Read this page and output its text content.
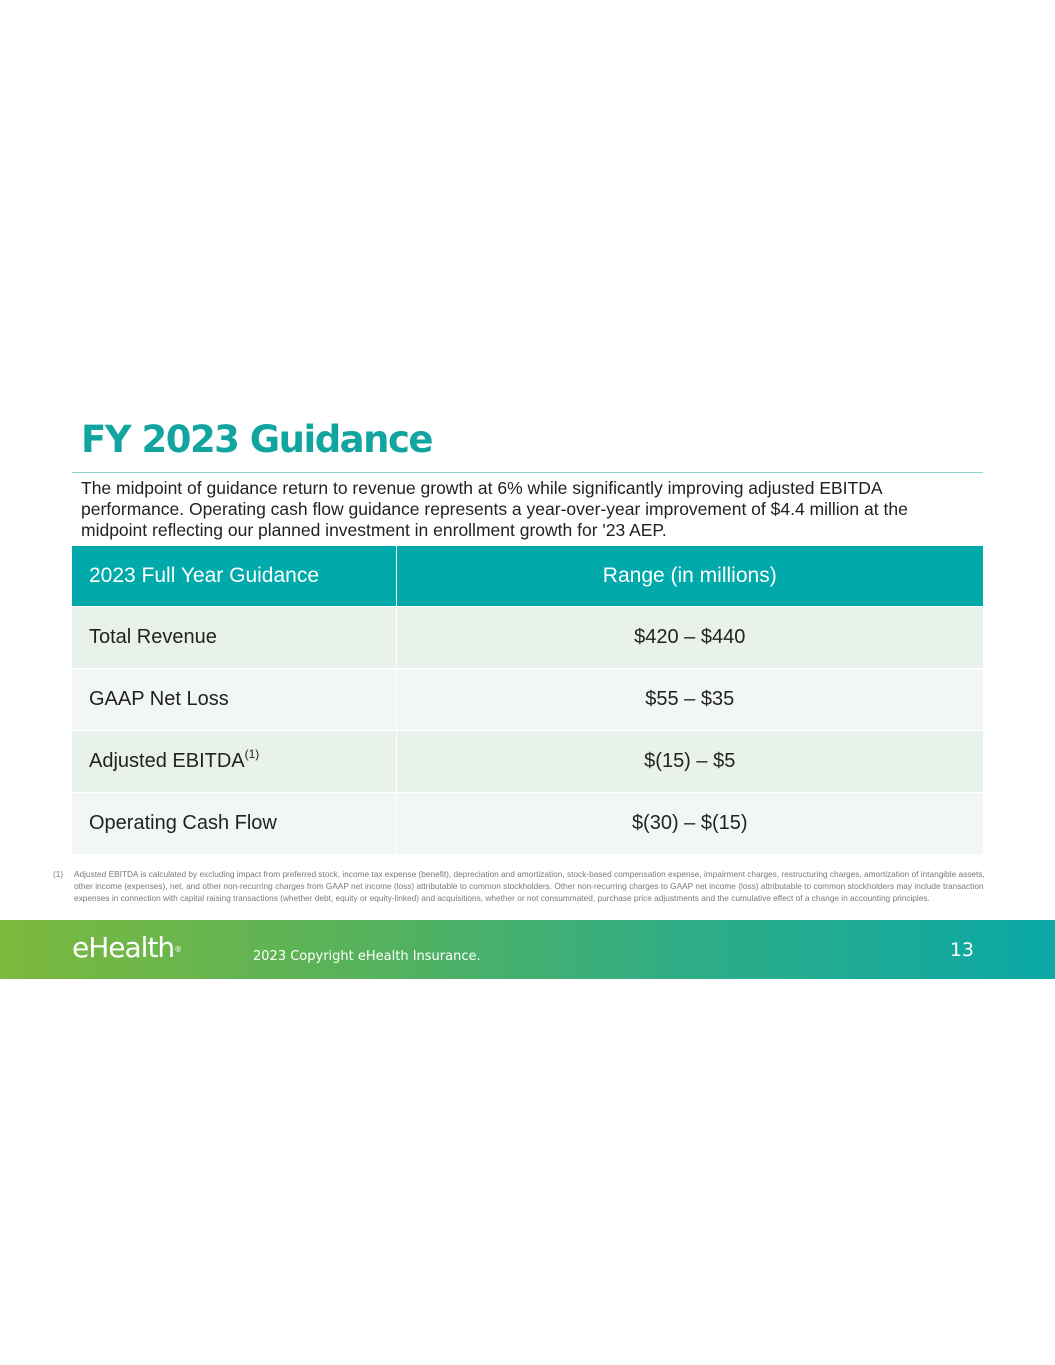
FY 2023 Guidance

The midpoint of guidance return to revenue growth at 6% while significantly improving adjusted EBITDA performance. Operating cash flow guidance represents a year-over-year improvement of $4.4 million at the midpoint reflecting our planned investment in enrollment growth for '23 AEP.

2023 Full Year Guidance	Range (in millions)
Total Revenue	$420 – $440
GAAP Net Loss	$55 – $35
Adjusted EBITDA$^{(1)}$	$(15) – $5
Operating Cash Flow	$(30) – $(15)
(1)	Adjusted EBITDA is calculated by excluding impact from preferred stock, income tax expense (benefit), depreciation and amortization, stock-based compensation expense, impairment charges, restructuring charges, amortization of intangible assets, other income (expenses), net, and other non-recurring charges from GAAP net income (loss) attributable to common stockholders. Other non-recurring charges to GAAP net income (loss) attributable to common stockholders may include transaction expenses in connection with capital raising transactions (whether debt, equity or equity-linked) and acquisitions, whether or not consummated, purchase price adjustments and the cumulative effect of a change in accounting principles.
eHealth®	2023 Copyright eHealth Insurance.	13
